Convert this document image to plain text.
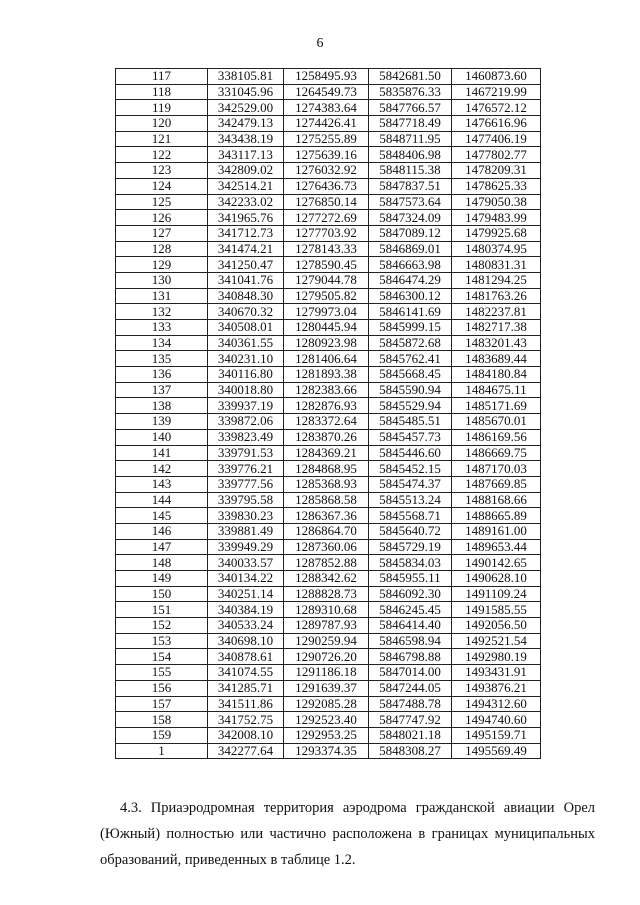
6
117	338105.81	1258495.93	5842681.50	1460873.60
118	331045.96	1264549.73	5835876.33	1467219.99
119	342529.00	1274383.64	5847766.57	1476572.12
120	342479.13	1274426.41	5847718.49	1476616.96
121	343438.19	1275255.89	5848711.95	1477406.19
122	343117.13	1275639.16	5848406.98	1477802.77
123	342809.02	1276032.92	5848115.38	1478209.31
124	342514.21	1276436.73	5847837.51	1478625.33
125	342233.02	1276850.14	5847573.64	1479050.38
126	341965.76	1277272.69	5847324.09	1479483.99
127	341712.73	1277703.92	5847089.12	1479925.68
128	341474.21	1278143.33	5846869.01	1480374.95
129	341250.47	1278590.45	5846663.98	1480831.31
130	341041.76	1279044.78	5846474.29	1481294.25
131	340848.30	1279505.82	5846300.12	1481763.26
132	340670.32	1279973.04	5846141.69	1482237.81
133	340508.01	1280445.94	5845999.15	1482717.38
134	340361.55	1280923.98	5845872.68	1483201.43
135	340231.10	1281406.64	5845762.41	1483689.44
136	340116.80	1281893.38	5845668.45	1484180.84
137	340018.80	1282383.66	5845590.94	1484675.11
138	339937.19	1282876.93	5845529.94	1485171.69
139	339872.06	1283372.64	5845485.51	1485670.01
140	339823.49	1283870.26	5845457.73	1486169.56
141	339791.53	1284369.21	5845446.60	1486669.75
142	339776.21	1284868.95	5845452.15	1487170.03
143	339777.56	1285368.93	5845474.37	1487669.85
144	339795.58	1285868.58	5845513.24	1488168.66
145	339830.23	1286367.36	5845568.71	1488665.89
146	339881.49	1286864.70	5845640.72	1489161.00
147	339949.29	1287360.06	5845729.19	1489653.44
148	340033.57	1287852.88	5845834.03	1490142.65
149	340134.22	1288342.62	5845955.11	1490628.10
150	340251.14	1288828.73	5846092.30	1491109.24
151	340384.19	1289310.68	5846245.45	1491585.55
152	340533.24	1289787.93	5846414.40	1492056.50
153	340698.10	1290259.94	5846598.94	1492521.54
154	340878.61	1290726.20	5846798.88	1492980.19
155	341074.55	1291186.18	5847014.00	1493431.91
156	341285.71	1291639.37	5847244.05	1493876.21
157	341511.86	1292085.28	5847488.78	1494312.60
158	341752.75	1292523.40	5847747.92	1494740.60
159	342008.10	1292953.25	5848021.18	1495159.71
1	342277.64	1293374.35	5848308.27	1495569.49

4.3. Приаэродромная территория аэродрома гражданской авиации Орел (Южный) полностью или частично расположена в границах муниципальных образований, приведенных в таблице 1.2.
